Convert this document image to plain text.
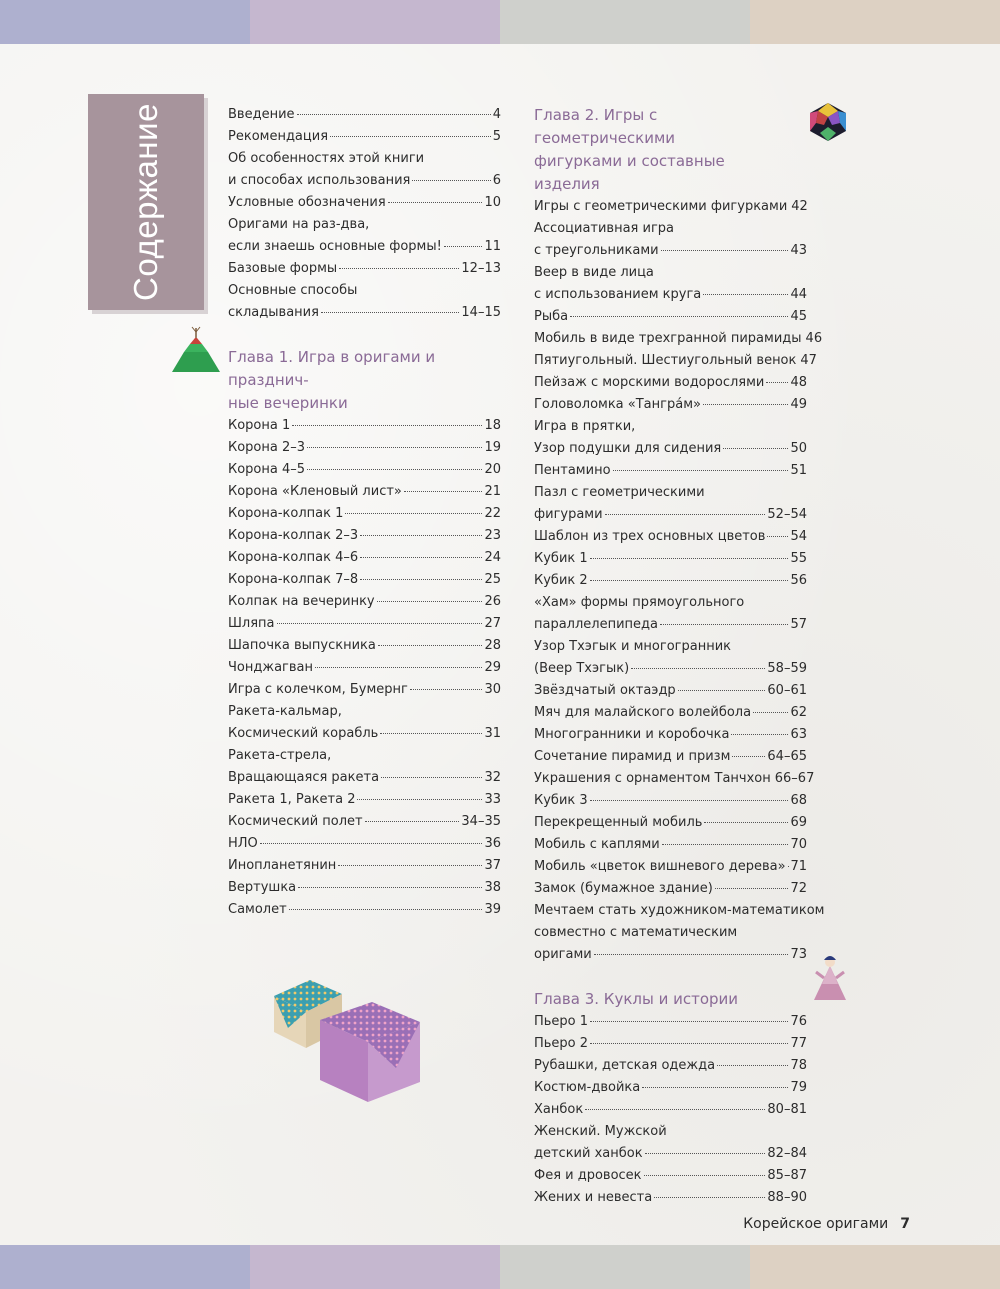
Содержание	Введение	4
Рекомендация	5
Об особенностях этой книги
и способах использования	6
Условные обозначения	10
Оригами на раз-два,
если знаешь основные формы!	11
Базовые формы	12–13
Основные способы
складывания	14–15
Глава 1. Игра в оригами и празднич-
ные вечеринки
Корона 1	18
Корона 2–3	19
Корона 4–5	20
Корона «Кленовый лист»	21
Корона-колпак 1	22
Корона-колпак 2–3	23
Корона-колпак 4–6	24
Корона-колпак 7–8	25
Колпак на вечеринку	26
Шляпа	27
Шапочка выпускника	28
Чонджагван	29
Игра с колечком, Бумернг	30
Ракета-кальмар,
Космический корабль	31
Ракета-стрела,
Вращающаяся ракета	32
Ракета 1, Ракета 2	33
Космический полет	34–35
НЛО	36
Инопланетянин	37
Вертушка	38
Самолет	39
Глава 2. Игры с геометрическими
фигурками и составные изделия
Игры с геометрическими фигурками 42
Ассоциативная игра
с треугольниками	43
Веер в виде лица
с использованием круга	44
Рыба	45
Мобиль в виде трехгранной пирамиды 46
Пятиугольный. Шестиугольный венок 47
Пейзаж с морскими водорослями 48
Головоломка «Тангрáм»	49
Игра в прятки,
Узор подушки для сидения	50
Пентамино	51
Пазл с геометрическими
фигурами	52–54
Шаблон из трех основных цветов 54
Кубик 1	55
Кубик 2	56
«Хам» формы прямоугольного
параллелепипеда	57
Узор Тхэгык и многогранник
(Веер Тхэгык)	58–59
Звёздчатый октаэдр	60–61
Мяч для малайского волейбола	62
Многогранники и коробочка	63
Сочетание пирамид и призм	64–65
Украшения с орнаментом Танчхон 66–67
Кубик 3	68
Перекрещенный мобиль	69
Мобиль с каплями	70
Мобиль «цветок вишневого дерева» 71
Замок (бумажное здание)	72
Мечтаем стать художником-математиком
совместно с математическим
оригами	73
Глава 3. Куклы и истории
Пьеро 1	76
Пьеро 2	77
Рубашки, детская одежда	78
Костюм-двойка	79
Ханбок	80–81
Женский. Мужской
детский ханбок	82–84
Фея и дровосек	85–87
Жених и невеста	88–90
Корейское оригами 7
